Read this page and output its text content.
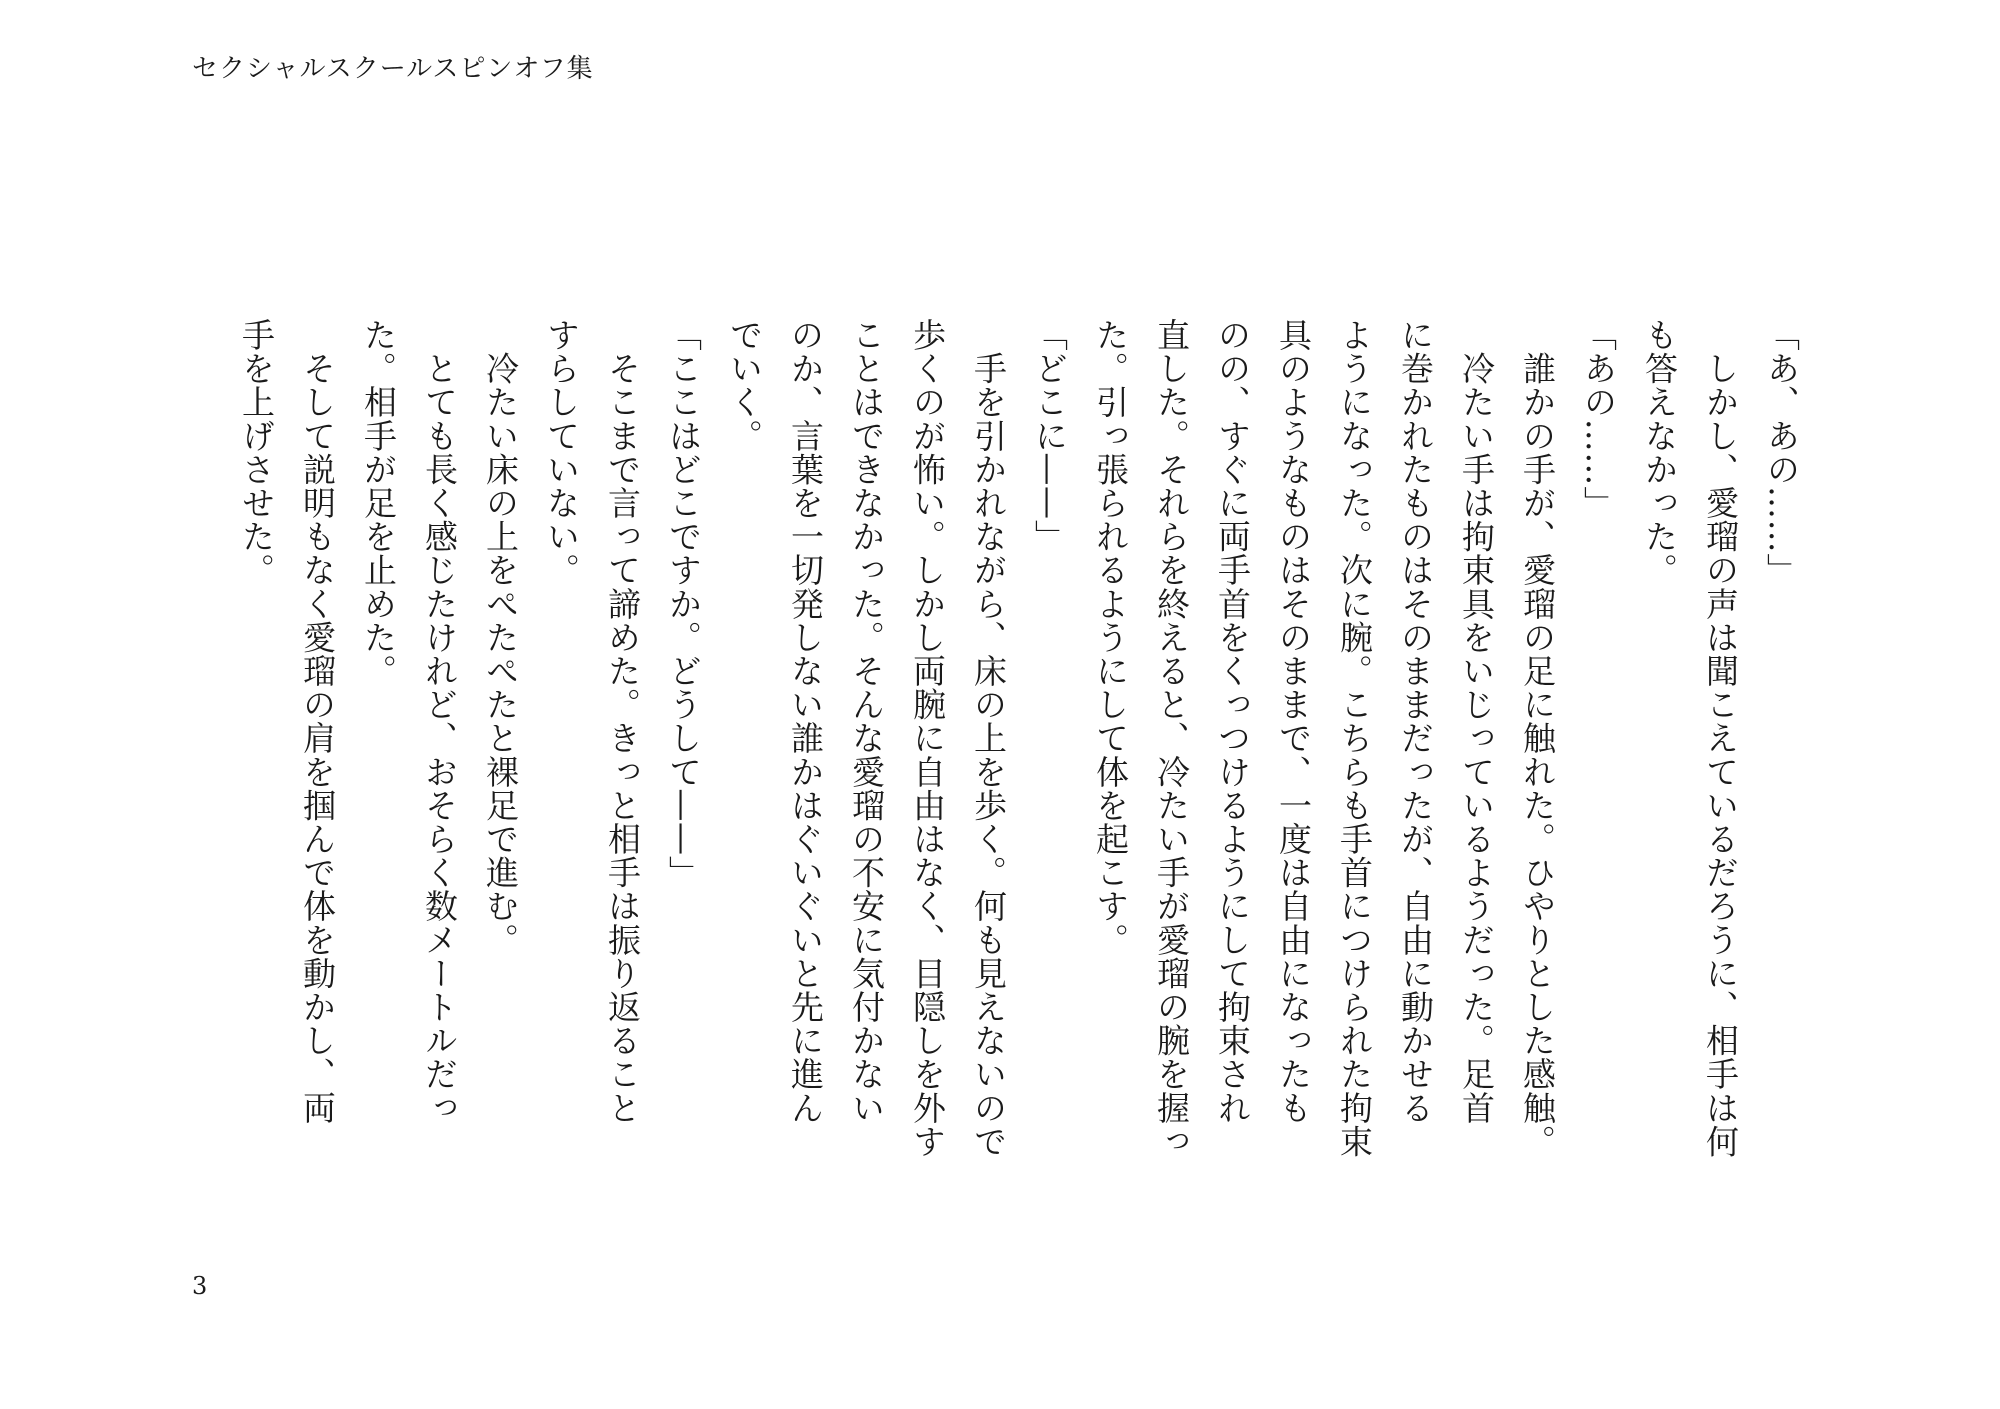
セクシャルスクールスピンオフ集

「あ、あの……」

　しかし、愛瑠の声は聞こえているだろうに、相手は何

も答えなかった。

「あの……」

　誰かの手が、愛瑠の足に触れた。ひやりとした感触。

　冷たい手は拘束具をいじっているようだった。足首

に巻かれたものはそのままだったが、自由に動かせる

ようになった。次に腕。こちらも手首につけられた拘束

具のようなものはそのままで、一度は自由になったも

のの、すぐに両手首をくっつけるようにして拘束され

直した。それらを終えると、冷たい手が愛瑠の腕を握っ

た。引っ張られるようにして体を起こす。

「どこに——」

　手を引かれながら、床の上を歩く。何も見えないので

歩くのが怖い。しかし両腕に自由はなく、目隠しを外す

ことはできなかった。そんな愛瑠の不安に気付かない

のか、言葉を一切発しない誰かはぐいぐいと先に進ん

でいく。

「ここはどこですか。どうして——」

　そこまで言って諦めた。きっと相手は振り返ること

すらしていない。

　冷たい床の上をぺたぺたと裸足で進む。

　とても長く感じたけれど、おそらく数メートルだっ

た。相手が足を止めた。

　そして説明もなく愛瑠の肩を掴んで体を動かし、両

手を上げさせた。

3
